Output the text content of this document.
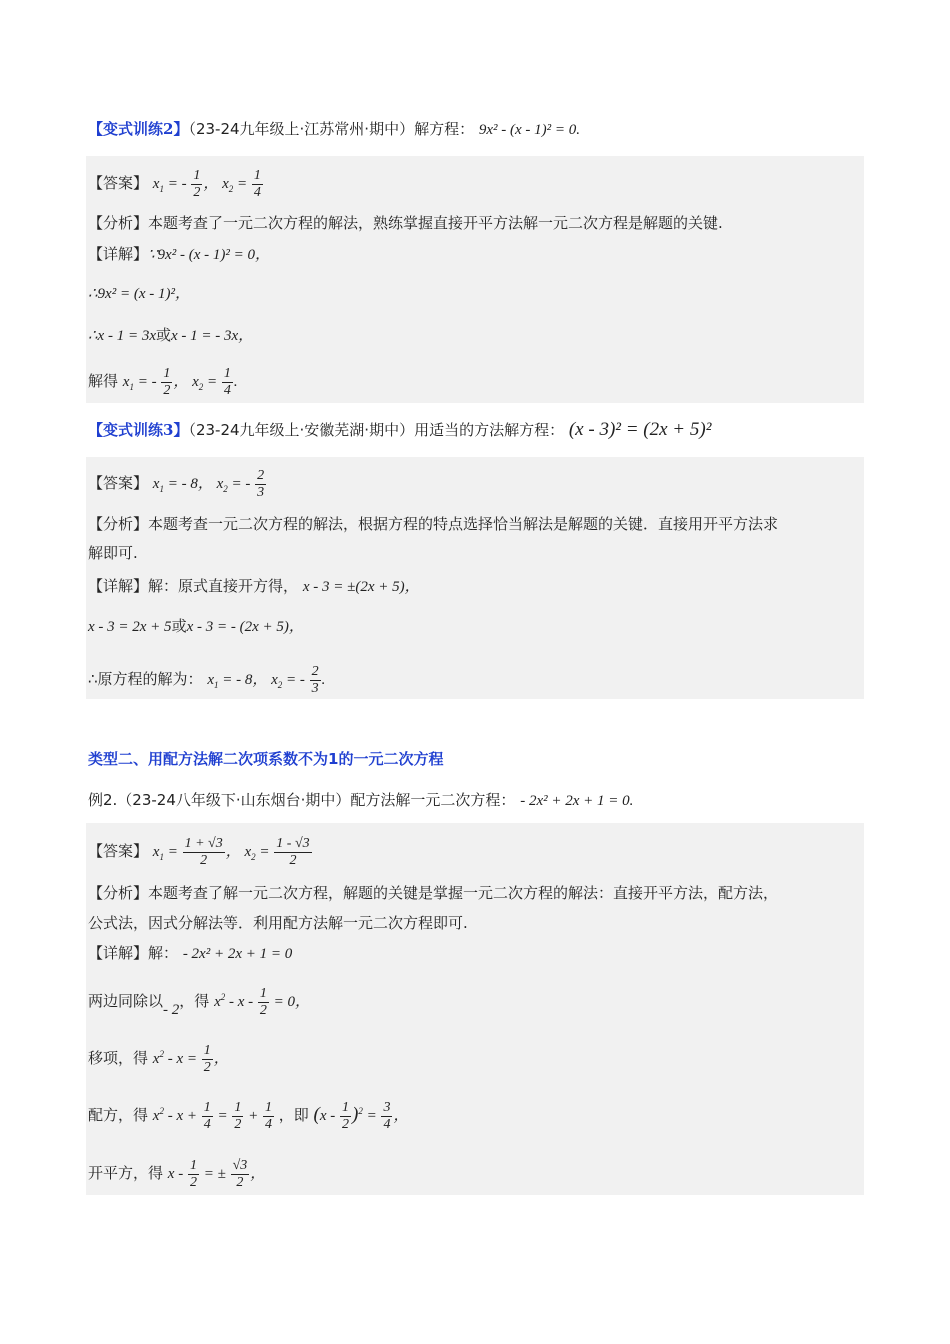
【变式训练2】（23-24九年级上·江苏常州·期中）解方程： 9x² - (x - 1)² = 0.
【答案】 $x_1$ = - $\frac{1}{2}$ ， $x_2 = \frac{1}{4}$
【分析】本题考查了一元二次方程的解法，熟练掌握直接开平方法解一元二次方程是解题的关键.
【详解】∵9x² - (x - 1)² = 0，
∴9x² = (x - 1)²，
∴x - 1 = 3x或x - 1 = - 3x，
解得 $x_1$ = - $\frac{1}{2}$ ， $x_2 = \frac{1}{4}$ .
【变式训练3】（23-24九年级上·安徽芜湖·期中）用适当的方法解方程： (x - 3)² = (2x + 5)²
【答案】 $x_1$ = - 8， $x_2$ = - $\frac{2}{3}$
【分析】本题考查一元二次方程的解法，根据方程的特点选择恰当解法是解题的关键．直接用开平方法求
解即可.
【详解】解：原式直接开方得， x - 3 = ±(2x + 5)，
x - 3 = 2x + 5或x - 3 = - (2x + 5)，
∴原方程的解为： $x_1$ = - 8， $x_2$ = - $\frac{2}{3}$ .
类型二、用配方法解二次项系数不为1的一元二次方程
例2.（23-24八年级下·山东烟台·期中）配方法解一元二次方程： - 2x² + 2x + 1 = 0.
【答案】 $x_1 = \frac{1 + √3}{2}$ ， $x_2 = \frac{1 - √3}{2}$
【分析】本题考查了解一元二次方程，解题的关键是掌握一元二次方程的解法：直接开平方法，配方法，
公式法，因式分解法等．利用配方法解一元二次方程即可.
【详解】解： - 2x² + 2x + 1 = 0
两边同除以- 2，得 $x^2 - x - \frac{1}{2} = 0$，
移项，得 $x^2 - x = \frac{1}{2}$ ，
配方，得 $x^2 - x + \frac{1}{4} = \frac{1}{2} + \frac{1}{4}$ ，即 $(x - \frac{1}{2} )^2 = \frac{3}{4}$ ，
开平方，得 x - $\frac{1}{2}$ = ± $\frac{√3}{2}$ ，
